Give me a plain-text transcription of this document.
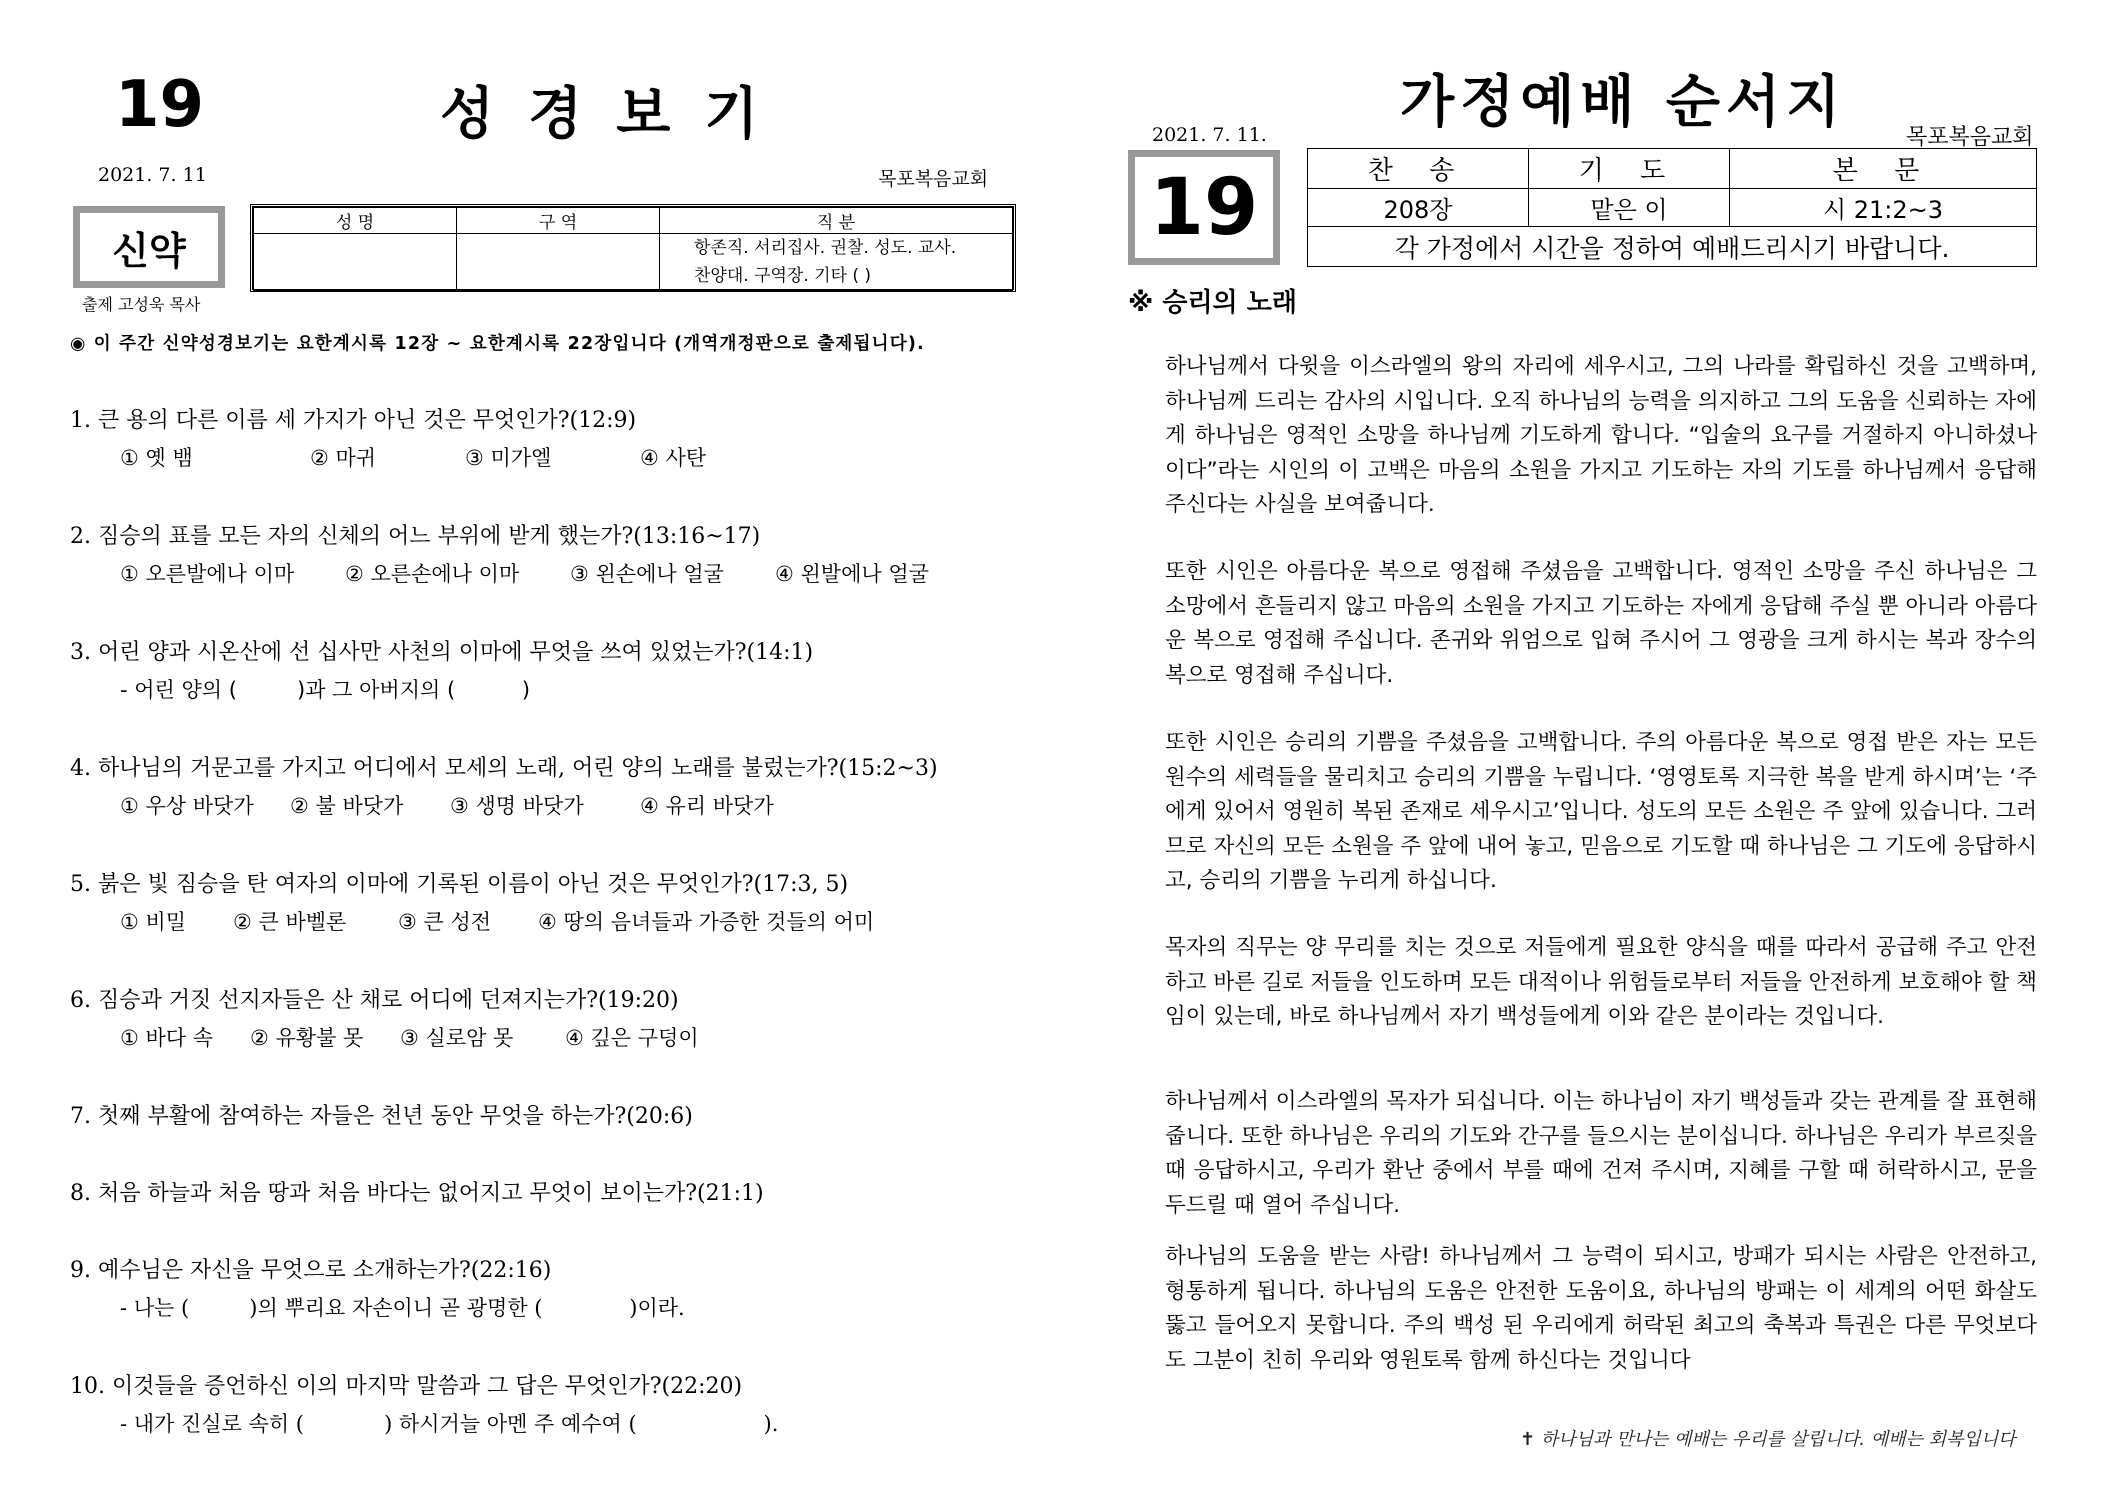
19	성경보기
2021. 7. 11	목포복음교회
신약
출제 고성욱 목사
성 명	구 역	직 분

		항존직. 서리집사. 권찰. 성도. 교사.
찬양대. 구역장. 기타 ( )
◉ 이 주간 신약성경보기는 요한계시록 12장 ~ 요한계시록 22장입니다 (개역개정판으로 출제됩니다).
1. 큰 용의 다른 이름 세 가지가 아닌 것은 무엇인가?(12:9)
① 옛 뱀	② 마귀	③ 미가엘	④ 사탄
2. 짐승의 표를 모든 자의 신체의 어느 부위에 받게 했는가?(13:16~17)
① 오른발에나 이마 ② 오른손에나 이마 ③ 왼손에나 얼굴 ④ 왼발에나 얼굴
3. 어린 양과 시온산에 선 십사만 사천의 이마에 무엇을 쓰여 있었는가?(14:1)
- 어린 양의 (         )과 그 아버지의 (          )
4. 하나님의 거문고를 가지고 어디에서 모세의 노래, 어린 양의 노래를 불렀는가?(15:2~3)
① 우상 바닷가 ② 불 바닷가 ③ 생명 바닷가	④ 유리 바닷가
5. 붉은 빛 짐승을 탄 여자의 이마에 기록된 이름이 아닌 것은 무엇인가?(17:3, 5)
① 비밀 ② 큰 바벨론 ③ 큰 성전 ④ 땅의 음녀들과 가증한 것들의 어미
6. 짐승과 거짓 선지자들은 산 채로 어디에 던져지는가?(19:20)
① 바다 속 ② 유황불 못 ③ 실로암 못 ④ 깊은 구덩이
7. 첫째 부활에 참여하는 자들은 천년 동안 무엇을 하는가?(20:6)
8. 처음 하늘과 처음 땅과 처음 바다는 없어지고 무엇이 보이는가?(21:1)
9. 예수님은 자신을 무엇으로 소개하는가?(22:16)
- 나는 (         )의 뿌리요 자손이니 곧 광명한 (             )이라.
10. 이것들을 증언하신 이의 마지막 말씀과 그 답은 무엇인가?(22:20)
- 내가 진실로 속히 (            ) 하시거늘 아멘 주 예수여 (                   ).
가정예배 순서지
2021. 7. 11.	목포복음교회
19	찬 송	기 도	본 문
208장	맡은 이	시 21:2~3
각 가정에서 시간을 정하여 예배드리시기 바랍니다.		
※ 승리의 노래
하나님께서 다윗을 이스라엘의 왕의 자리에 세우시고, 그의 나라를 확립하신 것을 고백하며, 하나님께 드리는 감사의 시입니다. 오직 하나님의 능력을 의지하고 그의 도움을 신뢰하는 자에게 하나님은 영적인 소망을 하나님께 기도하게 합니다. “입술의 요구를 거절하지 아니하셨나이다”라는 시인의 이 고백은 마음의 소원을 가지고 기도하는 자의 기도를 하나님께서 응답해 주신다는 사실을 보여줍니다.
또한 시인은 아름다운 복으로 영접해 주셨음을 고백합니다. 영적인 소망을 주신 하나님은 그 소망에서 흔들리지 않고 마음의 소원을 가지고 기도하는 자에게 응답해 주실 뿐 아니라 아름다운 복으로 영접해 주십니다. 존귀와 위엄으로 입혀 주시어 그 영광을 크게 하시는 복과 장수의 복으로 영접해 주십니다.
또한 시인은 승리의 기쁨을 주셨음을 고백합니다. 주의 아름다운 복으로 영접 받은 자는 모든 원수의 세력들을 물리치고 승리의 기쁨을 누립니다. ‘영영토록 지극한 복을 받게 하시며’는 ‘주에게 있어서 영원히 복된 존재로 세우시고’입니다. 성도의 모든 소원은 주 앞에 있습니다. 그러므로 자신의 모든 소원을 주 앞에 내어 놓고, 믿음으로 기도할 때 하나님은 그 기도에 응답하시고, 승리의 기쁨을 누리게 하십니다.
목자의 직무는 양 무리를 치는 것으로 저들에게 필요한 양식을 때를 따라서 공급해 주고 안전하고 바른 길로 저들을 인도하며 모든 대적이나 위험들로부터 저들을 안전하게 보호해야 할 책임이 있는데, 바로 하나님께서 자기 백성들에게 이와 같은 분이라는 것입니다.
하나님께서 이스라엘의 목자가 되십니다. 이는 하나님이 자기 백성들과 갖는 관계를 잘 표현해 줍니다. 또한 하나님은 우리의 기도와 간구를 들으시는 분이십니다. 하나님은 우리가 부르짖을 때 응답하시고, 우리가 환난 중에서 부를 때에 건져 주시며, 지혜를 구할 때 허락하시고, 문을 두드릴 때 열어 주십니다.
하나님의 도움을 받는 사람! 하나님께서 그 능력이 되시고, 방패가 되시는 사람은 안전하고, 형통하게 됩니다. 하나님의 도움은 안전한 도움이요, 하나님의 방패는 이 세계의 어떤 화살도 뚫고 들어오지 못합니다. 주의 백성 된 우리에게 허락된 최고의 축복과 특권은 다른 무엇보다도 그분이 친히 우리와 영원토록 함께 하신다는 것입니다
✝ 하나님과 만나는 예배는 우리를 살립니다. 예배는 회복입니다
